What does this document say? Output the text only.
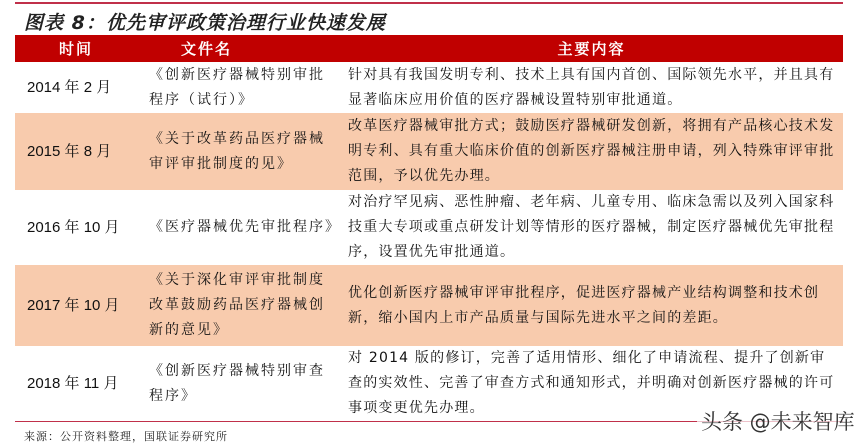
图表 8：优先审评政策治理行业快速发展
时间	文件名	主要内容
2014 年 2 月	《创新医疗器械特别审批程序（试行）》	针对具有我国发明专利、技术上具有国内首创、国际领先水平，并且具有显著临床应用价值的医疗器械设置特别审批通道。
2015 年 8 月	《关于改革药品医疗器械审评审批制度的见》	改革医疗器械审批方式；鼓励医疗器械研发创新，将拥有产品核心技术发明专利、具有重大临床价值的创新医疗器械注册申请，列入特殊审评审批范围，予以优先办理。
2016 年 10 月	《医疗器械优先审批程序》	对治疗罕见病、恶性肿瘤、老年病、儿童专用、临床急需以及列入国家科技重大专项或重点研发计划等情形的医疗器械，制定医疗器械优先审批程序，设置优先审批通道。
2017 年 10 月	《关于深化审评审批制度改革鼓励药品医疗器械创新的意见》	优化创新医疗器械审评审批程序，促进医疗器械产业结构调整和技术创新，缩小国内上市产品质量与国际先进水平之间的差距。
2018 年 11 月	《创新医疗器械特别审查程序》	对 2014 版的修订，完善了适用情形、细化了申请流程、提升了创新审查的实效性、完善了审查方式和通知形式，并明确对创新医疗器械的许可事项变更优先办理。
来源：公开资料整理，国联证券研究所
头条 @未来智库
